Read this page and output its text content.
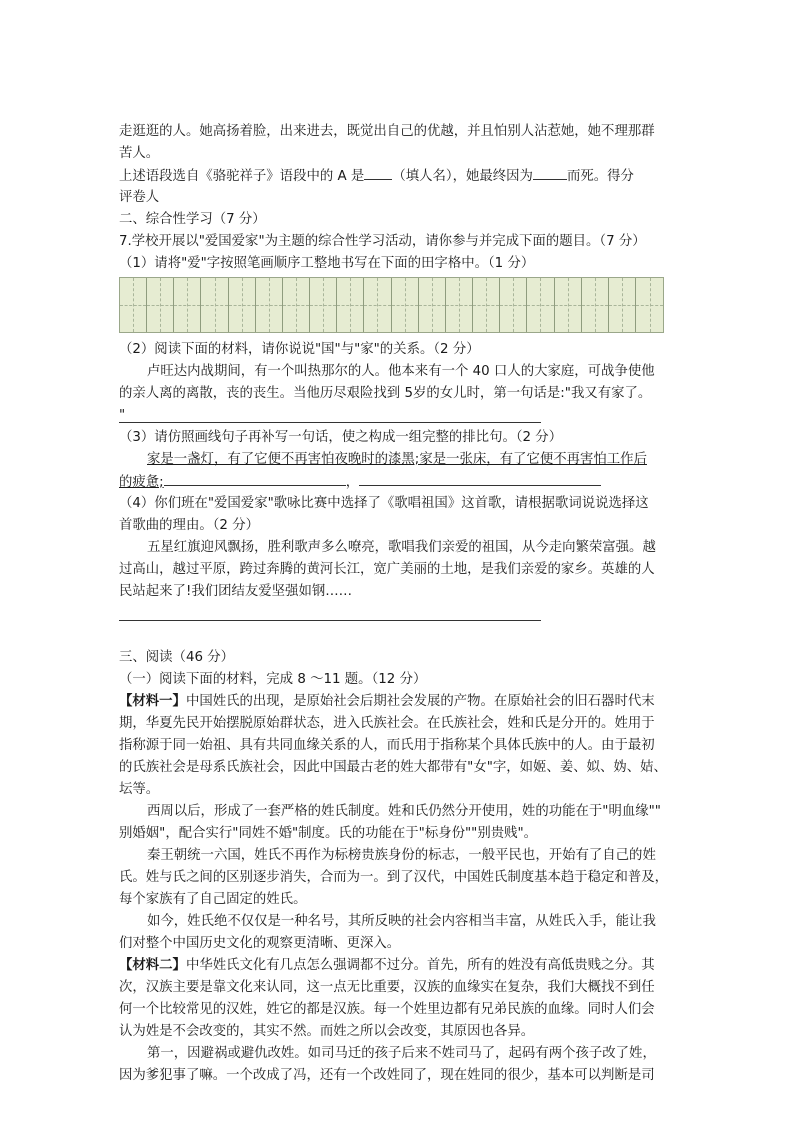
走逛逛的人。她高扬着脸，出来进去，既觉出自己的优越，并且怕别人沾惹她，她不理那群
苦人。
上述语段选自《骆驼祥子》语段中的 A 是 （填人名），她最终因为	而死。得分
评卷人
二、综合性学习（7 分）
7.学校开展以"爱国爱家"为主题的综合性学习活动，请你参与并完成下面的题目。（7 分）
（1）请将"爱"字按照笔画顺序工整地书写在下面的田字格中。（1 分）
（2）阅读下面的材料，请你说说"国"与"家"的关系。（2 分）
卢旺达内战期间，有一个叫热那尔的人。他本来有一个 40 口人的大家庭，可战争使他
的亲人离的离散，丧的丧生。当他历尽艰险找到 5岁的女儿时，第一句话是:"我又有家了。
"
（3）请仿照画线句子再补写一句话，使之构成一组完整的排比句。（2 分）
家是一盏灯，有了它便不再害怕夜晚时的漆黑;家是一张床，有了它便不再害怕工作后
的疲惫;	，
（4）你们班在"爱国爱家"歌咏比赛中选择了《歌唱祖国》这首歌，请根据歌词说说选择这
首歌曲的理由。（2 分）
五星红旗迎风飘扬，胜利歌声多么嘹亮，歌唱我们亲爱的祖国，从今走向繁荣富强。越
过高山，越过平原，跨过奔腾的黄河长江，宽广美丽的土地，是我们亲爱的家乡。英雄的人
民站起来了!我们团结友爱坚强如钢……
三、阅读（46 分）
（一）阅读下面的材料，完成 8 ～11 题。（12 分）
【材料一】中国姓氏的出现，是原始社会后期社会发展的产物。在原始社会的旧石器时代末
期，华夏先民开始摆脱原始群状态，进入氏族社会。在氏族社会，姓和氏是分开的。姓用于
指称源于同一始祖、具有共同血缘关系的人，而氏用于指称某个具体氏族中的人。由于最初
的氏族社会是母系氏族社会，因此中国最古老的姓大都带有"女"字，如姬、姜、姒、妫、姞、
坛等。
西周以后，形成了一套严格的姓氏制度。姓和氏仍然分开使用，姓的功能在于"明血缘""
别婚姻"，配合实行"同姓不婚"制度。氏的功能在于"标身份""别贵贱"。
秦王朝统一六国，姓氏不再作为标榜贵族身份的标志，一般平民也，开始有了自己的姓
氏。姓与氏之间的区别逐步消失，合而为一。到了汉代，中国姓氏制度基本趋于稳定和普及，
每个家族有了自己固定的姓氏。
如今，姓氏绝不仅仅是一种名号，其所反映的社会内容相当丰富，从姓氏入手，能让我
们对整个中国历史文化的观察更清晰、更深入。
【材料二】中华姓氏文化有几点怎么强调都不过分。首先，所有的姓没有高低贵贱之分。其
次，汉族主要是靠文化来认同，这一点无比重要，汉族的血缘实在复杂，我们大概找不到任
何一个比较常见的汉姓，姓它的都是汉族。每一个姓里边都有兄弟民族的血缘。同时人们会
认为姓是不会改变的，其实不然。而姓之所以会改变，其原因也各异。
第一，因避祸或避仇改姓。如司马迁的孩子后来不姓司马了，起码有两个孩子改了姓，
因为爹犯事了嘛。一个改成了冯，还有一个改姓同了，现在姓同的很少，基本可以判断是司
